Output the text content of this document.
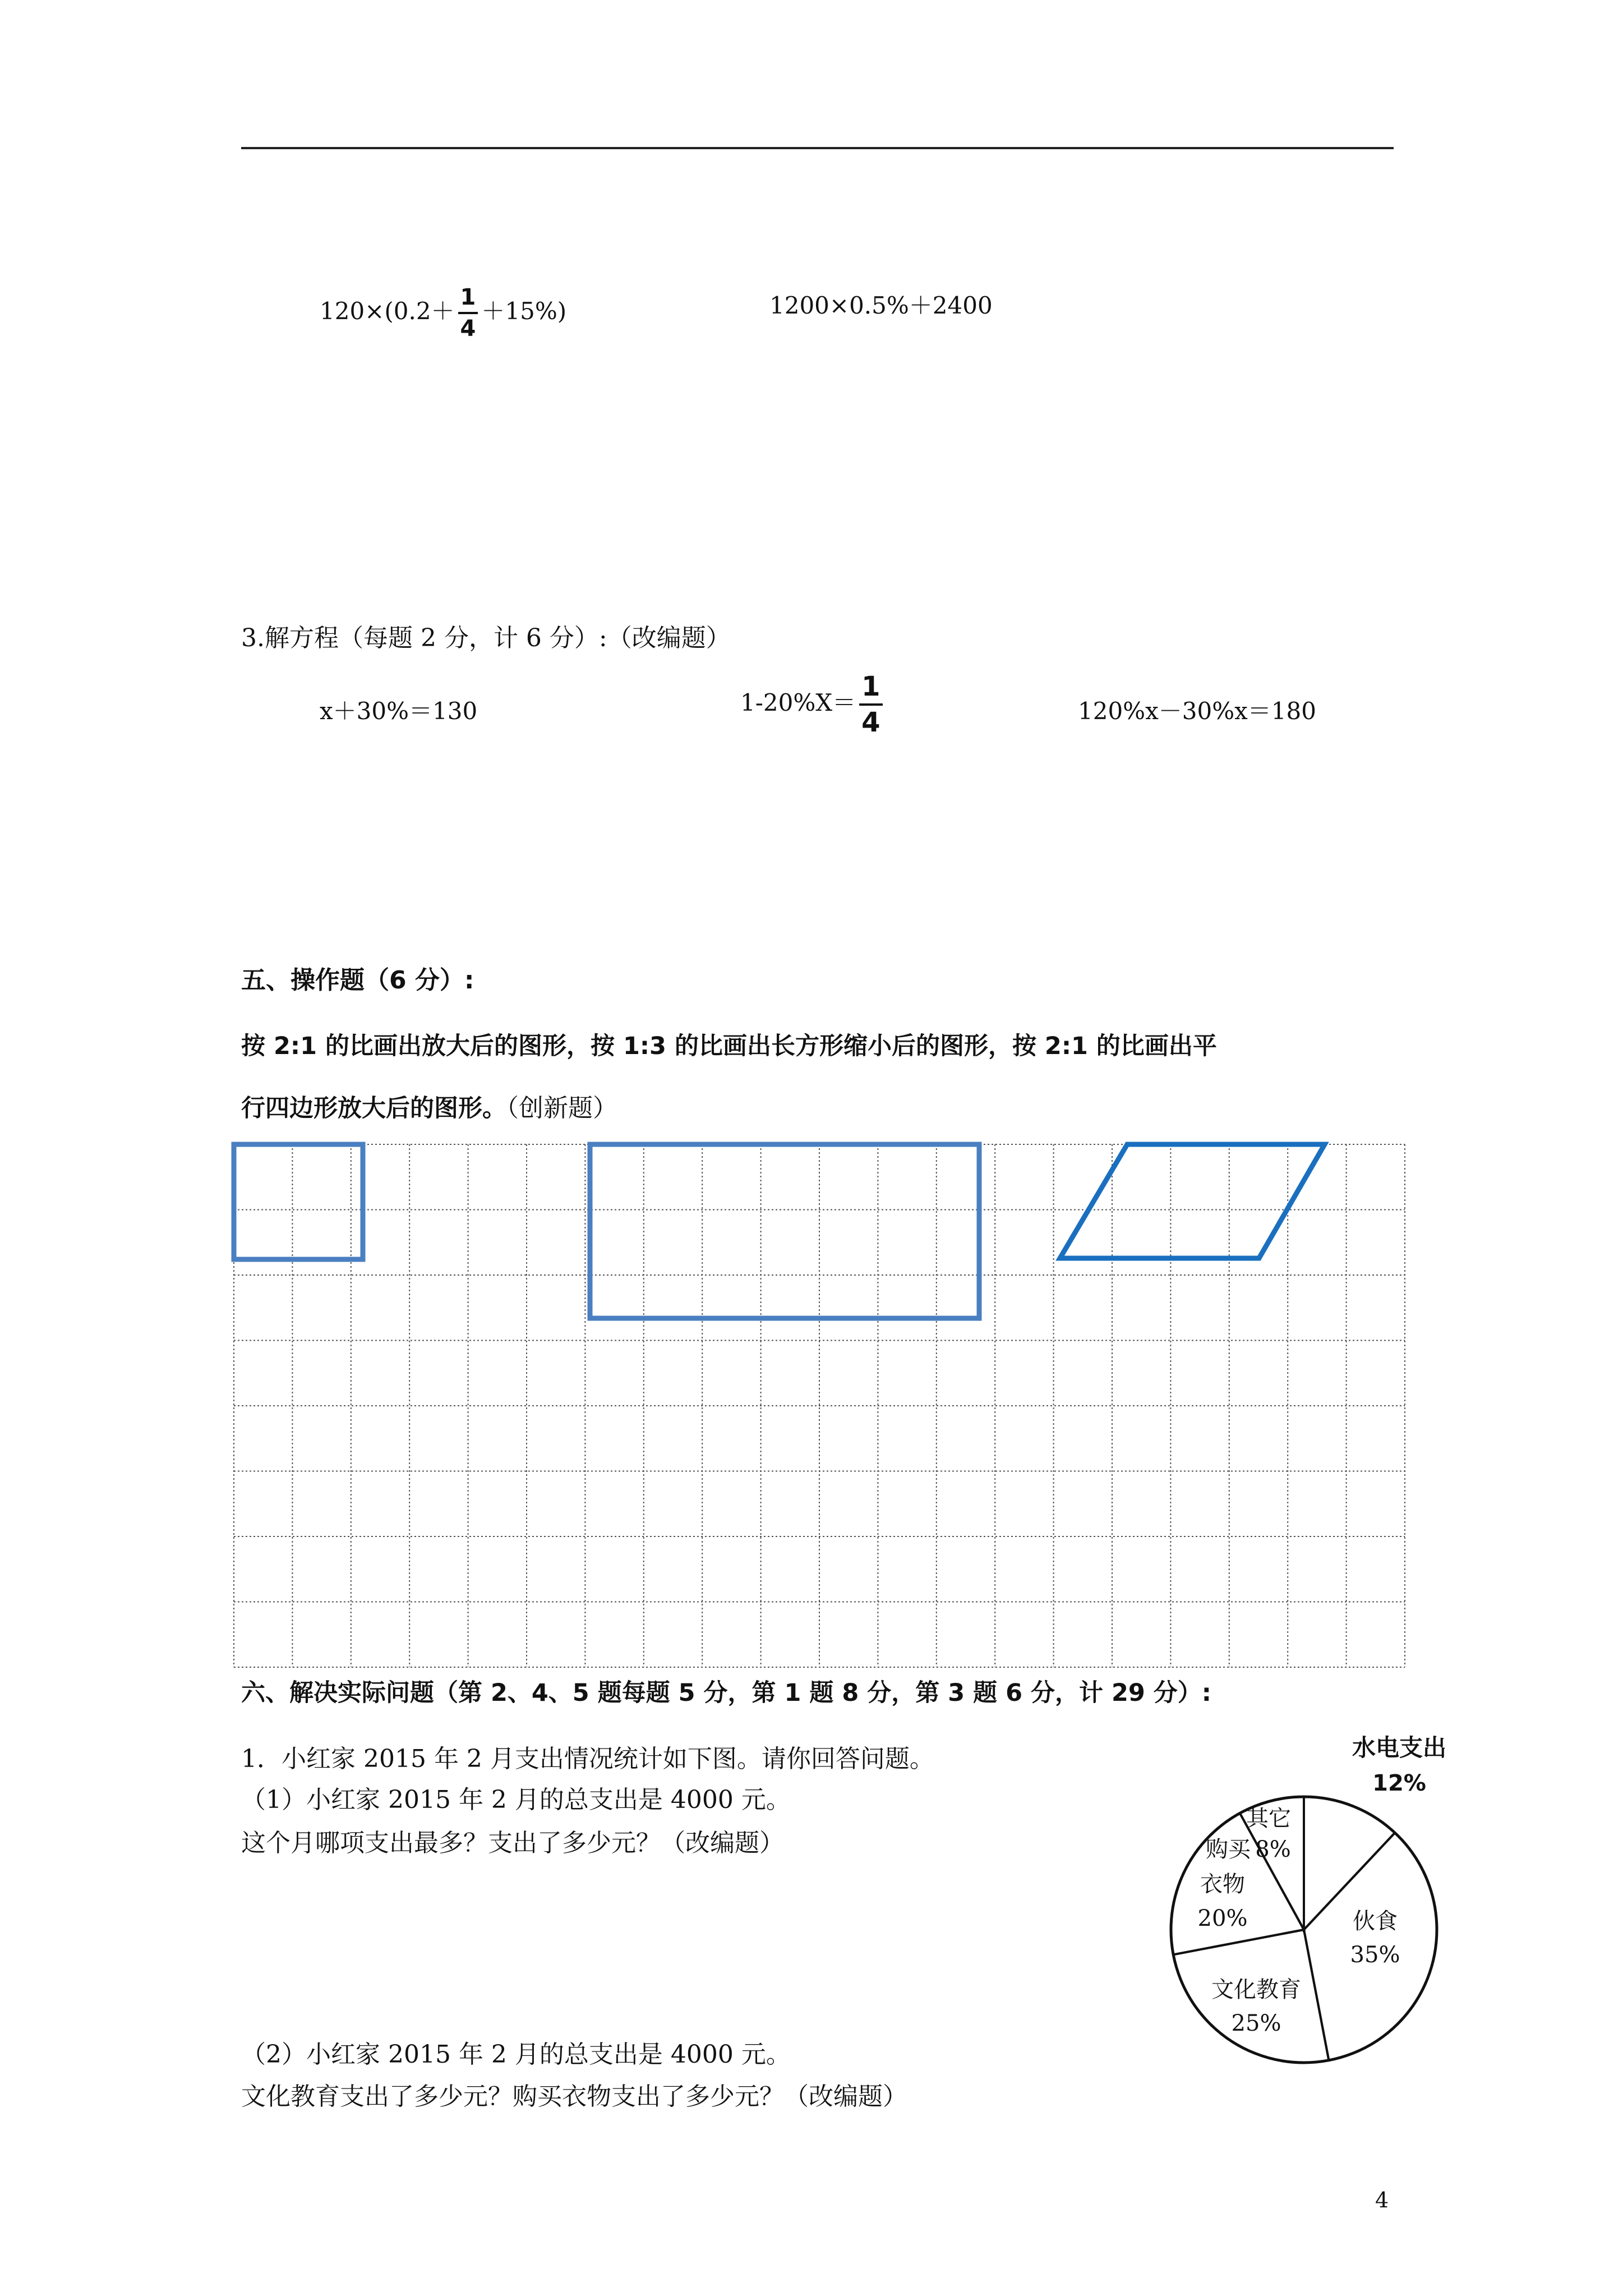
$120\times(0.2+ \frac{1}{4} +15\%)$	1200×0.5%＋2400
3.解方程（每题 2 分，计 6 分）:（改编题）
x＋30%＝130	$1-20\%X= \frac{1}{4}$	120%x－30%x＝180
五、操作题（6 分）:
按 2:1 的比画出放大后的图形，按 1:3 的比画出长方形缩小后的图形，按 2:1 的比画出平
行四边形放大后的图形。（创新题）
六、解决实际问题（第 2、4、5 题每题 5 分，第 1 题 8 分，第 3 题 6 分，计 29 分）:
1．小红家 2015 年 2 月支出情况统计如下图。请你回答问题。
（1）小红家 2015 年 2 月的总支出是 4000 元。
这个月哪项支出最多？支出了多少元？（改编题）
（2）小红家 2015 年 2 月的总支出是 4000 元。
文化教育支出了多少元？购买衣物支出了多少元？（改编题）
水电支出
12%
其它
8%
购买
衣物
20%	伙食
35%
文化教育
25%
4
